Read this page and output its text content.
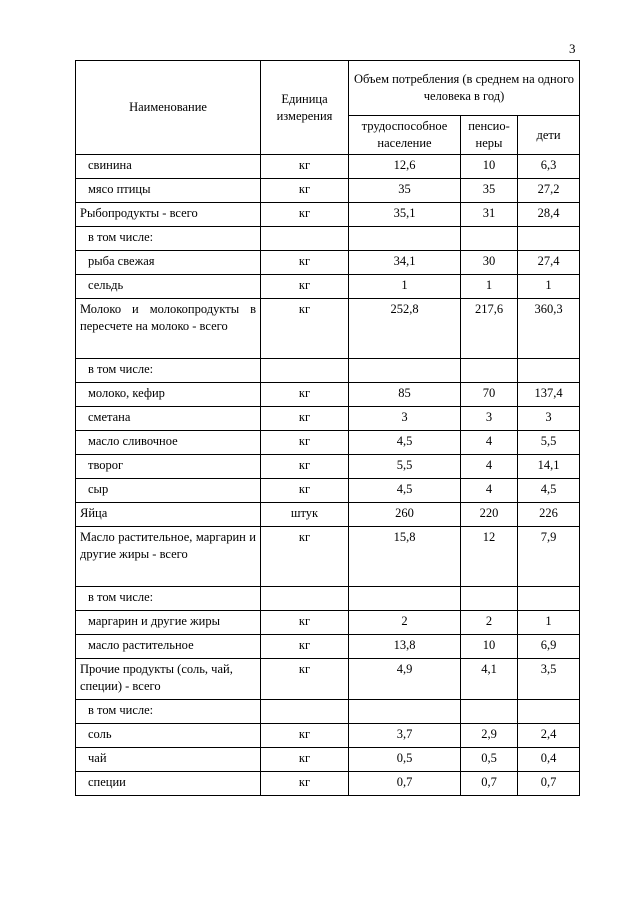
3
Наименование	Единица измерения	Объем потребления (в среднем на одного человека в год)		
		трудоспособное население	пенсио-неры	дети
свинина	кг	12,6	10	6,3
мясо птицы	кг	35	35	27,2
Рыбопродукты - всего	кг	35,1	31	28,4
в том числе:				
рыба свежая	кг	34,1	30	27,4
сельдь	кг	1	1	1
Молоко и молокопродукты в пересчете на молоко - всего	кг	252,8	217,6	360,3
в том числе:				
молоко, кефир	кг	85	70	137,4
сметана	кг	3	3	3
масло сливочное	кг	4,5	4	5,5
творог	кг	5,5	4	14,1
сыр	кг	4,5	4	4,5
Яйца	штук	260	220	226
Масло растительное, маргарин и другие жиры - всего	кг	15,8	12	7,9
в том числе:				
маргарин и другие жиры	кг	2	2	1
масло растительное	кг	13,8	10	6,9
Прочие продукты (соль, чай, специи) - всего	кг	4,9	4,1	3,5
в том числе:				
соль	кг	3,7	2,9	2,4
чай	кг	0,5	0,5	0,4
специи	кг	0,7	0,7	0,7
